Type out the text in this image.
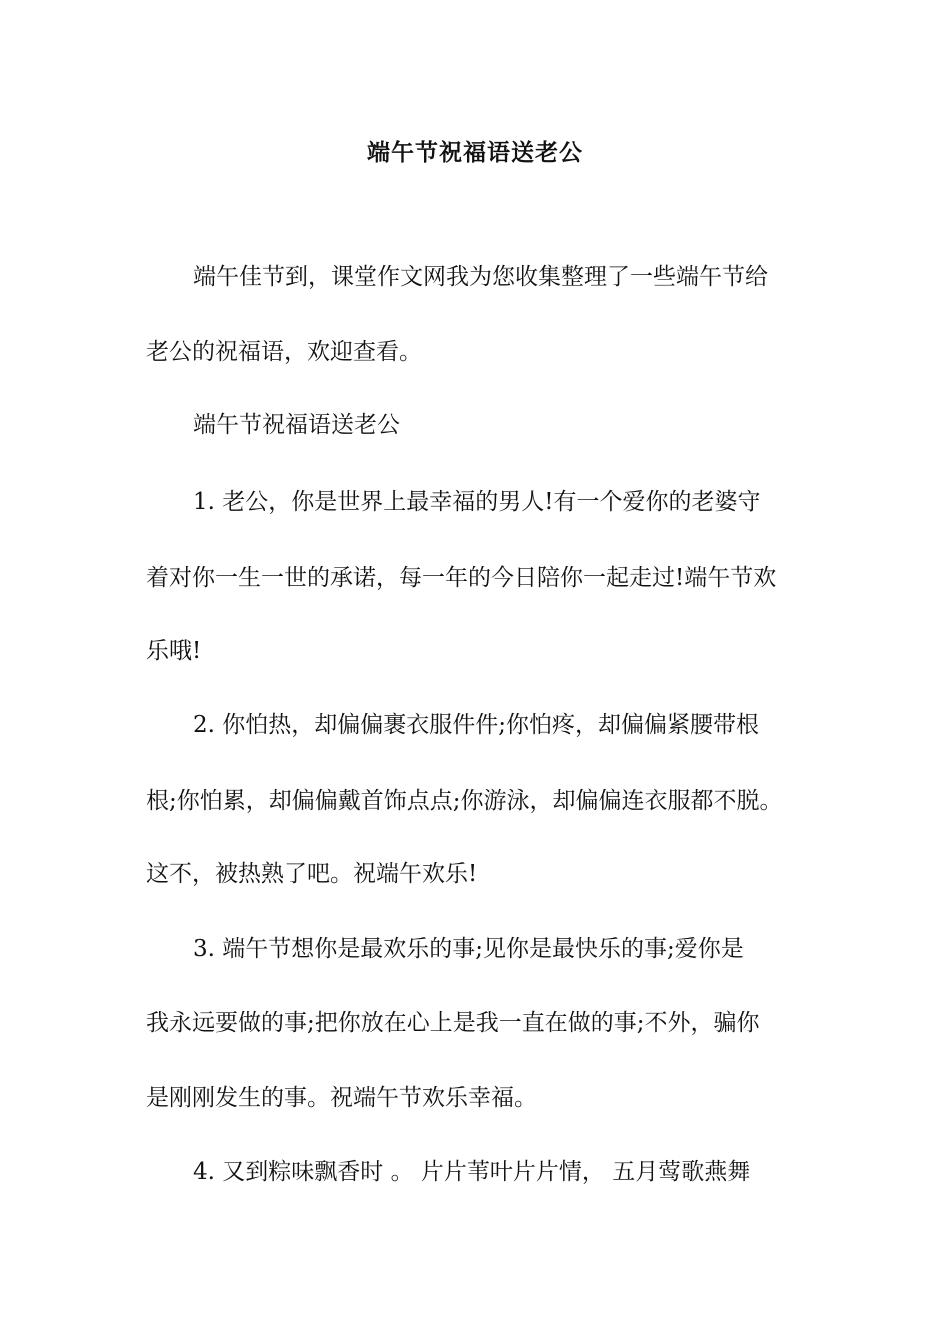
端午节祝福语送老公
端午佳节到，课堂作文网我为您收集整理了一些端午节给
老公的祝福语，欢迎查看。
端午节祝福语送老公
1. 老公，你是世界上最幸福的男人!有一个爱你的老婆守
着对你一生一世的承诺，每一年的今日陪你一起走过!端午节欢
乐哦!
2. 你怕热，却偏偏裹衣服件件;你怕疼，却偏偏紧腰带根
根;你怕累，却偏偏戴首饰点点;你游泳，却偏偏连衣服都不脱。
这不，被热熟了吧。祝端午欢乐!
3. 端午节想你是最欢乐的事;见你是最快乐的事;爱你是
我永远要做的事;把你放在心上是我一直在做的事;不外，骗你
是刚刚发生的事。祝端午节欢乐幸福。
4. 又到粽味飘香时 。 片片苇叶片片情， 五月莺歌燕舞
